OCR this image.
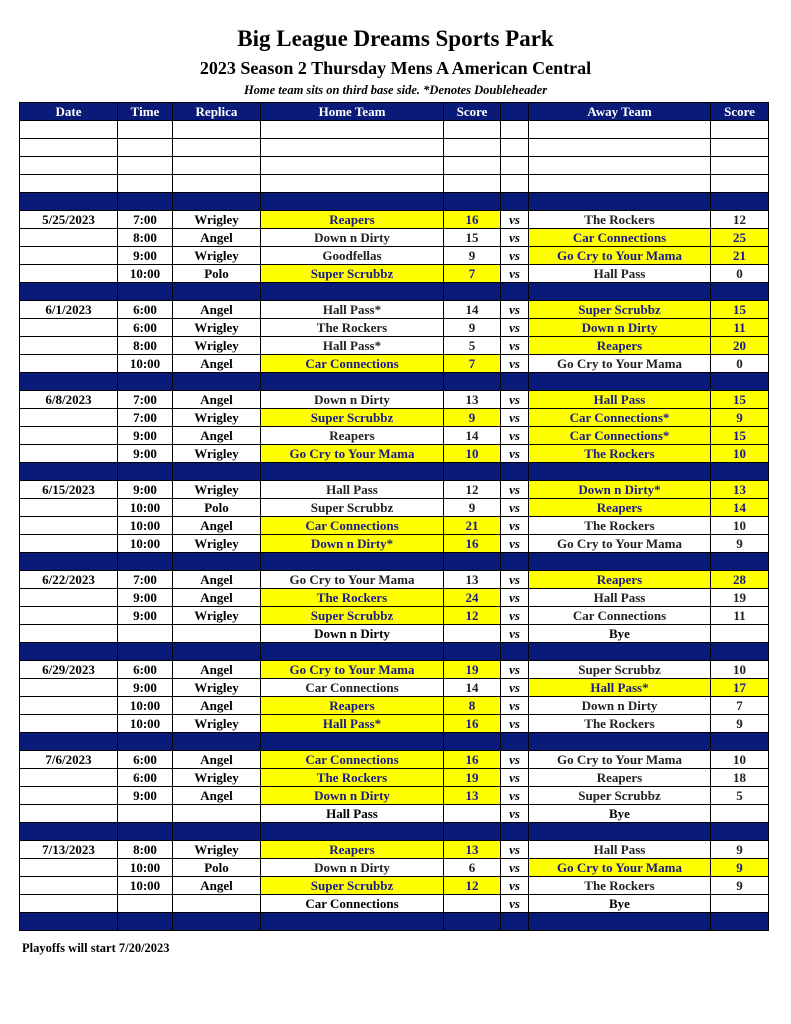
Big League Dreams Sports Park
2023 Season 2 Thursday Mens A American Central
Home team sits on third base side. *Denotes Doubleheader
Date	Time	Replica	Home Team	Score		Away Team	Score

5/25/2023	7:00	Wrigley	Reapers	16	vs	The Rockers	12
	8:00	Angel	Down n Dirty	15	vs	Car Connections	25
	9:00	Wrigley	Goodfellas	9	vs	Go Cry to Your Mama	21
	10:00	Polo	Super Scrubbz	7	vs	Hall Pass	0

6/1/2023	6:00	Angel	Hall Pass*	14	vs	Super Scrubbz	15
	6:00	Wrigley	The Rockers	9	vs	Down n Dirty	11
	8:00	Wrigley	Hall Pass*	5	vs	Reapers	20
	10:00	Angel	Car Connections	7	vs	Go Cry to Your Mama	0

6/8/2023	7:00	Angel	Down n Dirty	13	vs	Hall Pass	15
	7:00	Wrigley	Super Scrubbz	9	vs	Car Connections*	9
	9:00	Angel	Reapers	14	vs	Car Connections*	15
	9:00	Wrigley	Go Cry to Your Mama	10	vs	The Rockers	10

6/15/2023	9:00	Wrigley	Hall Pass	12	vs	Down n Dirty*	13
	10:00	Polo	Super Scrubbz	9	vs	Reapers	14
	10:00	Angel	Car Connections	21	vs	The Rockers	10
	10:00	Wrigley	Down n Dirty*	16	vs	Go Cry to Your Mama	9

6/22/2023	7:00	Angel	Go Cry to Your Mama	13	vs	Reapers	28
	9:00	Angel	The Rockers	24	vs	Hall Pass	19
	9:00	Wrigley	Super Scrubbz	12	vs	Car Connections	11
			Down n Dirty		vs	Bye	

6/29/2023	6:00	Angel	Go Cry to Your Mama	19	vs	Super Scrubbz	10
	9:00	Wrigley	Car Connections	14	vs	Hall Pass*	17
	10:00	Angel	Reapers	8	vs	Down n Dirty	7
	10:00	Wrigley	Hall Pass*	16	vs	The Rockers	9

7/6/2023	6:00	Angel	Car Connections	16	vs	Go Cry to Your Mama	10
	6:00	Wrigley	The Rockers	19	vs	Reapers	18
	9:00	Angel	Down n Dirty	13	vs	Super Scrubbz	5
			Hall Pass		vs	Bye	

7/13/2023	8:00	Wrigley	Reapers	13	vs	Hall Pass	9
	10:00	Polo	Down n Dirty	6	vs	Go Cry to Your Mama	9
	10:00	Angel	Super Scrubbz	12	vs	The Rockers	9
			Car Connections		vs	Bye	

Playoffs will start 7/20/2023
